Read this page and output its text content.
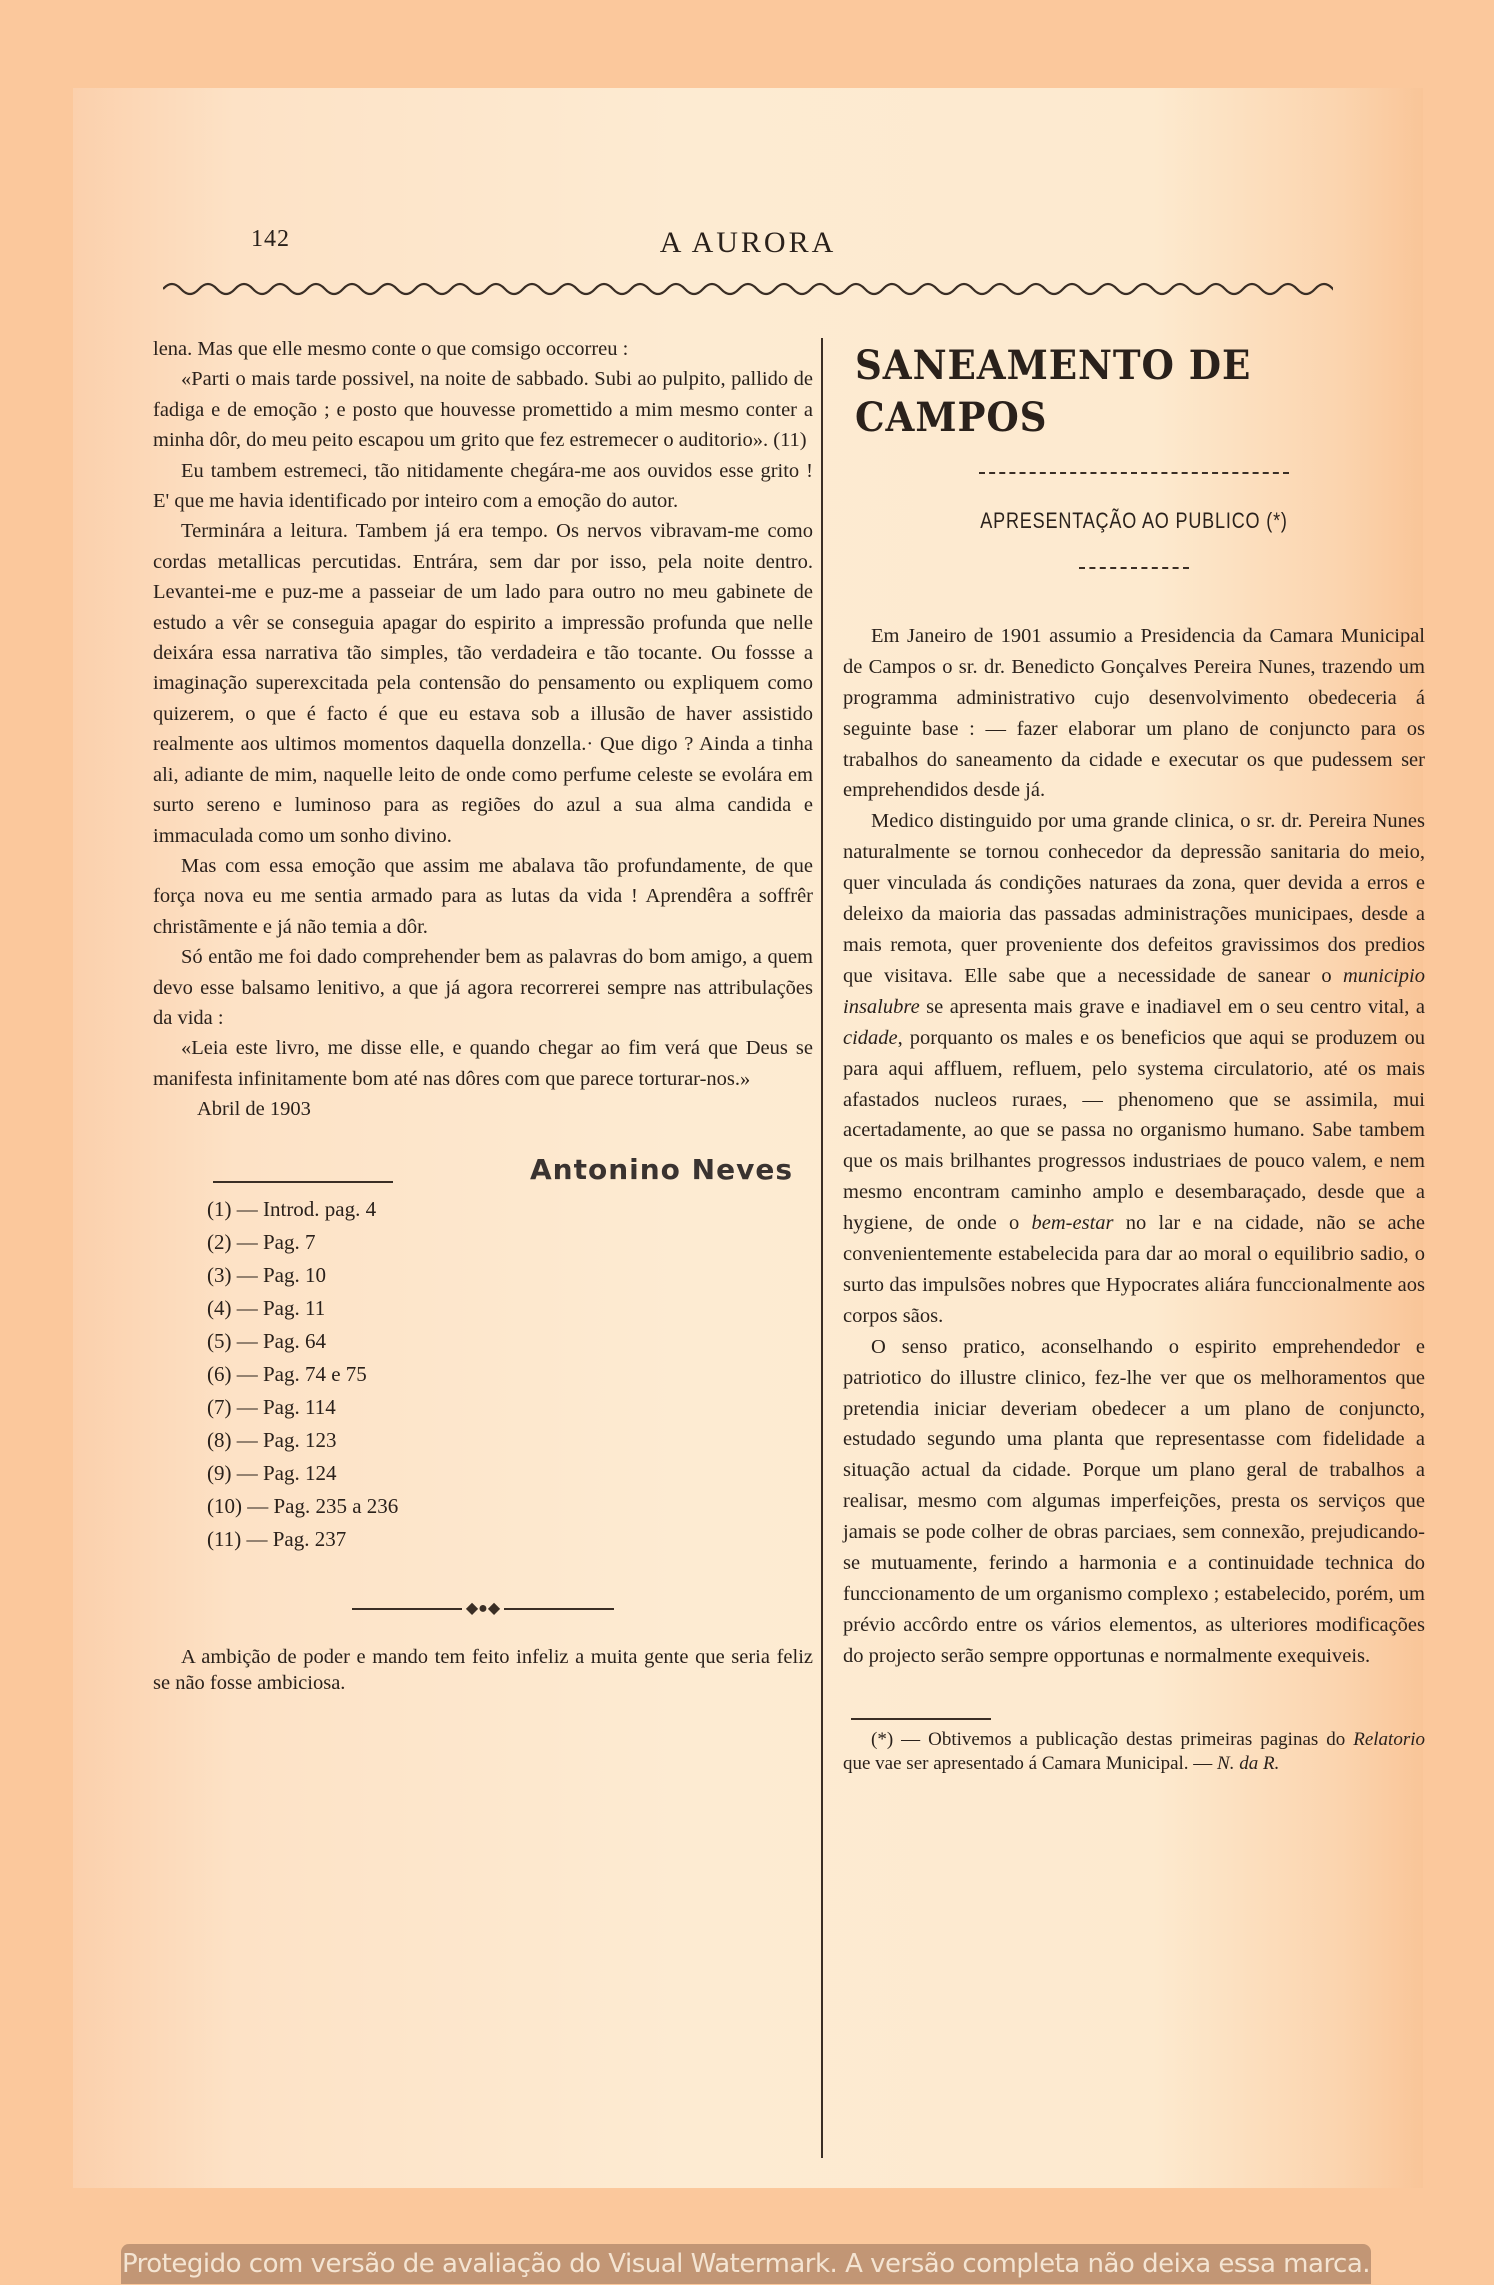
142	A AURORA

lena. Mas que elle mesmo conte o que comsigo occorreu :

«Parti o mais tarde possivel, na noite de sabbado. Subi ao pulpito, pallido de fadiga e de emoção ; e posto que houvesse promettido a mim mesmo conter a minha dôr, do meu peito escapou um grito que fez estremecer o auditorio». (11)

Eu tambem estremeci, tão nitidamente chegára-me aos ouvidos esse grito ! E' que me havia identificado por inteiro com a emoção do autor.

Terminára a leitura. Tambem já era tempo. Os nervos vibravam-me como cordas metallicas percutidas. Entrára, sem dar por isso, pela noite dentro. Levantei-me e puz-me a passeiar de um lado para outro no meu gabinete de estudo a vêr se conseguia apagar do espirito a impressão profunda que nelle deixára essa narrativa tão simples, tão verdadeira e tão tocante. Ou fossse a imaginação superexcitada pela contensão do pensamento ou expliquem como quizerem, o que é facto é que eu estava sob a illusão de haver assistido realmente aos ultimos momentos daquella donzella.· Que digo ? Ainda a tinha ali, adiante de mim, naquelle leito de onde como perfume celeste se evolára em surto sereno e luminoso para as regiões do azul a sua alma candida e immaculada como um sonho divino.

Mas com essa emoção que assim me abalava tão profundamente, de que força nova eu me sentia armado para as lutas da vida ! Aprendêra a soffrêr christãmente e já não temia a dôr.

Só então me foi dado comprehender bem as palavras do bom amigo, a quem devo esse balsamo lenitivo, a que já agora recorrerei sempre nas attribulações da vida :

«Leia este livro, me disse elle, e quando chegar ao fim verá que Deus se manifesta infinitamente bom até nas dôres com que parece torturar-nos.»

Abril de 1903

Antonino Neves
(1) — Introd. pag. 4
(2) — Pag. 7
(3) — Pag. 10
(4) — Pag. 11
(5) — Pag. 64
(6) — Pag. 74 e 75
(7) — Pag. 114
(8) — Pag. 123
(9) — Pag. 124
(10) — Pag. 235 a 236
(11) — Pag. 237
◆●◆

A ambição de poder e mando tem feito infeliz a muita gente que seria feliz se não fosse ambiciosa.

SANEAMENTO DE CAMPOS
APRESENTAÇÃO AO PUBLICO (*)

Em Janeiro de 1901 assumio a Presidencia da Camara Municipal de Campos o sr. dr. Benedicto Gonçalves Pereira Nunes, trazendo um programma administrativo cujo desenvolvimento obedeceria á seguinte base : — fazer elaborar um plano de conjuncto para os trabalhos do saneamento da cidade e executar os que pudessem ser emprehendidos desde já.

Medico distinguido por uma grande clinica, o sr. dr. Pereira Nunes naturalmente se tornou conhecedor da depressão sanitaria do meio, quer vinculada ás condições naturaes da zona, quer devida a erros e deleixo da maioria das passadas administrações municipaes, desde a mais remota, quer proveniente dos defeitos gravissimos dos predios que visitava. Elle sabe que a necessidade de sanear o municipio insalubre se apresenta mais grave e inadiavel em o seu centro vital, a cidade, porquanto os males e os beneficios que aqui se produzem ou para aqui affluem, refluem, pelo systema circulatorio, até os mais afastados nucleos ruraes, — phenomeno que se assimila, mui acertadamente, ao que se passa no organismo humano. Sabe tambem que os mais brilhantes progressos industriaes de pouco valem, e nem mesmo encontram caminho amplo e desembaraçado, desde que a hygiene, de onde o bem-estar no lar e na cidade, não se ache convenientemente estabelecida para dar ao moral o equilibrio sadio, o surto das impulsões nobres que Hypocrates aliára funccionalmente aos corpos sãos.

O senso pratico, aconselhando o espirito emprehendedor e patriotico do illustre clinico, fez-lhe ver que os melhoramentos que pretendia iniciar deveriam obedecer a um plano de conjuncto, estudado segundo uma planta que representasse com fidelidade a situação actual da cidade. Porque um plano geral de trabalhos a realisar, mesmo com algumas imperfeições, presta os serviços que jamais se pode colher de obras parciaes, sem connexão, prejudicando-se mutuamente, ferindo a harmonia e a continuidade technica do funccionamento de um organismo complexo ; estabelecido, porém, um prévio accôrdo entre os vários elementos, as ulteriores modificações do projecto serão sempre opportunas e normalmente exequiveis.

(*) — Obtivemos a publicação destas primeiras paginas do Relatorio que vae ser apresentado á Camara Municipal. — N. da R.

Protegido com versão de avaliação do Visual Watermark. A versão completa não deixa essa marca.
